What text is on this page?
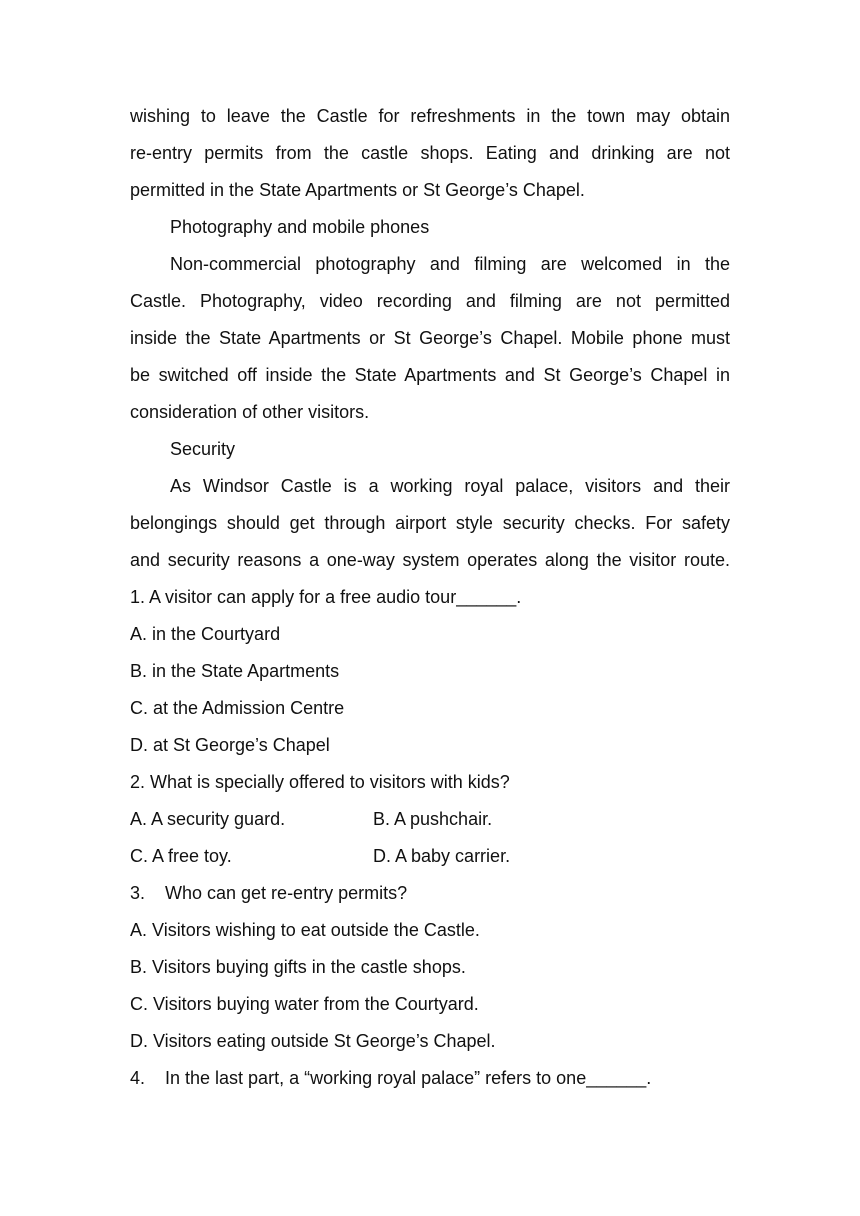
wishing to leave the Castle for refreshments in the town may obtain
re-entry permits from the castle shops. Eating and drinking are not
permitted in the State Apartments or St George’s Chapel.
Photography and mobile phones
Non-commercial photography and filming are welcomed in the
Castle. Photography, video recording and filming are not permitted
inside the State Apartments or St George’s Chapel. Mobile phone must
be switched off inside the State Apartments and St George’s Chapel in
consideration of other visitors.
Security
As Windsor Castle is a working royal palace, visitors and their
belongings should get through airport style security checks. For safety
and security reasons a one-way system operates along the visitor route.
1. A visitor can apply for a free audio tour______.
A. in the Courtyard
B. in the State Apartments
C. at the Admission Centre
D. at St George’s Chapel
2. What is specially offered to visitors with kids?
A. A security guard.	B. A pushchair.
C. A free toy.	D. A baby carrier.
3. Who can get re-entry permits?
A. Visitors wishing to eat outside the Castle.
B. Visitors buying gifts in the castle shops.
C. Visitors buying water from the Courtyard.
D. Visitors eating outside St George’s Chapel.
4. In the last part, a “working royal palace” refers to one______.
